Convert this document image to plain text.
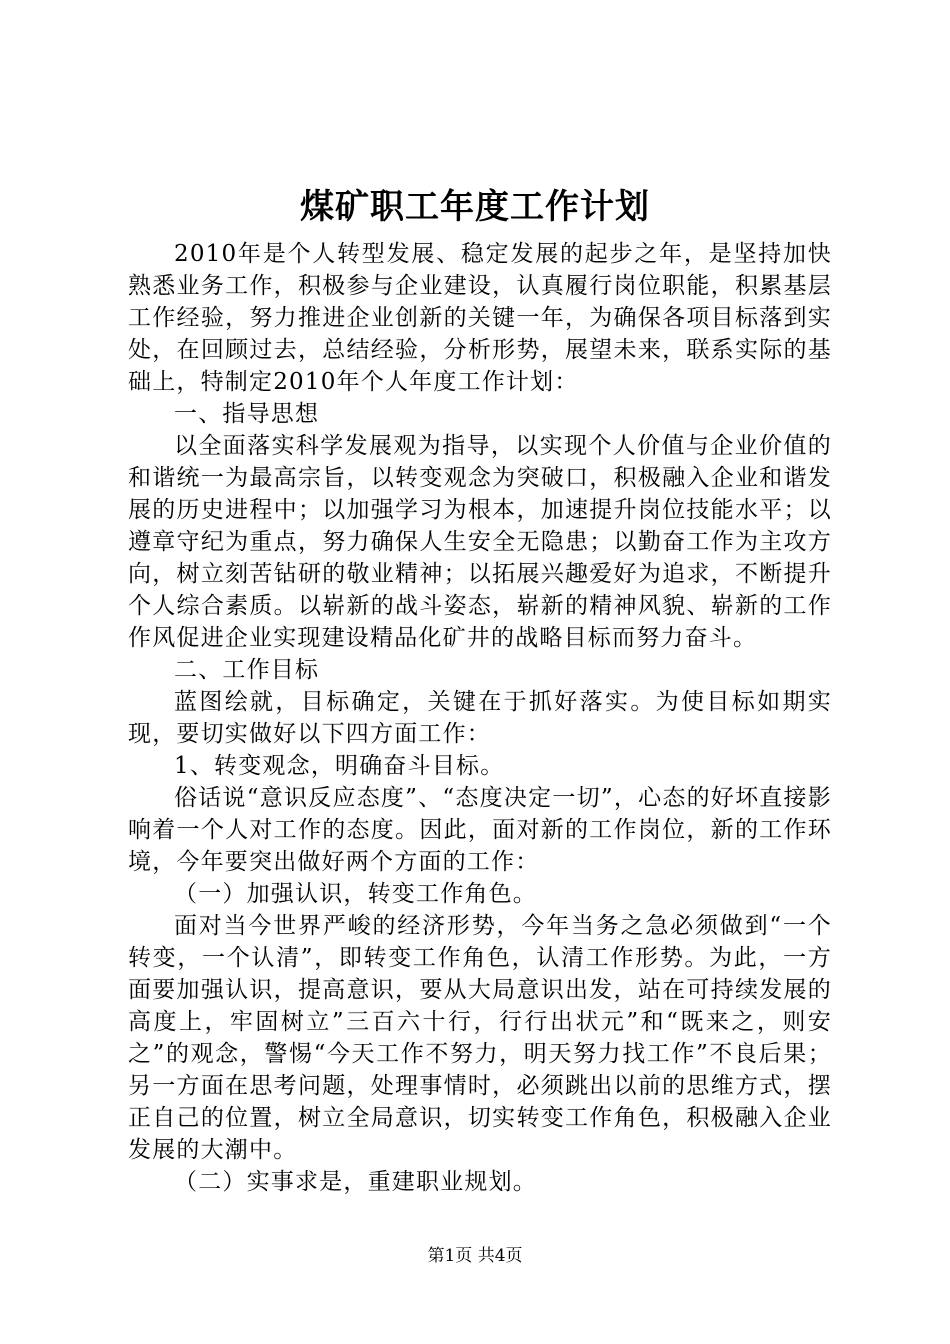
煤矿职工年度工作计划

2010年是个人转型发展、稳定发展的起步之年，是坚持加快熟悉业务工作，积极参与企业建设，认真履行岗位职能，积累基层工作经验，努力推进企业创新的关键一年，为确保各项目标落到实处，在回顾过去，总结经验，分析形势，展望未来，联系实际的基础上，特制定2010年个人年度工作计划：

一、指导思想

以全面落实科学发展观为指导，以实现个人价值与企业价值的和谐统一为最高宗旨，以转变观念为突破口，积极融入企业和谐发展的历史进程中；以加强学习为根本，加速提升岗位技能水平；以遵章守纪为重点，努力确保人生安全无隐患；以勤奋工作为主攻方向，树立刻苦钻研的敬业精神；以拓展兴趣爱好为追求，不断提升个人综合素质。以崭新的战斗姿态，崭新的精神风貌、崭新的工作作风促进企业实现建设精品化矿井的战略目标而努力奋斗。

二、工作目标

蓝图绘就，目标确定，关键在于抓好落实。为使目标如期实现，要切实做好以下四方面工作：

1、转变观念，明确奋斗目标。

俗话说“意识反应态度”、“态度决定一切”，心态的好坏直接影响着一个人对工作的态度。因此，面对新的工作岗位，新的工作环境，今年要突出做好两个方面的工作：

（一）加强认识，转变工作角色。

面对当今世界严峻的经济形势，今年当务之急必须做到“一个转变，一个认清”，即转变工作角色，认清工作形势。为此，一方面要加强认识，提高意识，要从大局意识出发，站在可持续发展的高度上，牢固树立”三百六十行，行行出状元”和“既来之，则安之”的观念，警惕“今天工作不努力，明天努力找工作”不良后果；另一方面在思考问题，处理事情时，必须跳出以前的思维方式，摆正自己的位置，树立全局意识，切实转变工作角色，积极融入企业发展的大潮中。

（二）实事求是，重建职业规划。

第1页 共4页
